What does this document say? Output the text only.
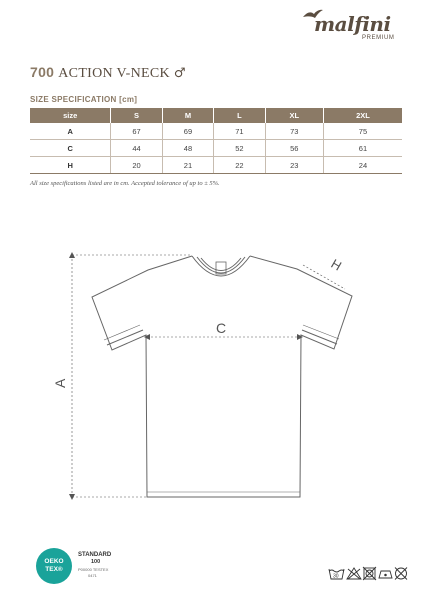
malfini
PREMIUM
700 ACTION V-NECK ♂
SIZE SPECIFICATION [cm]
size	S	M	L	XL	2XL
A	67	69	71	73	75
C	44	48	52	56	61
H	20	21	22	23	24
All size specifications listed are in cm. Accepted tolerance of up to ± 5%.
A
C
H
OEKO
TEX®
STANDARD
100
P00000 TESTEX
0471	30
